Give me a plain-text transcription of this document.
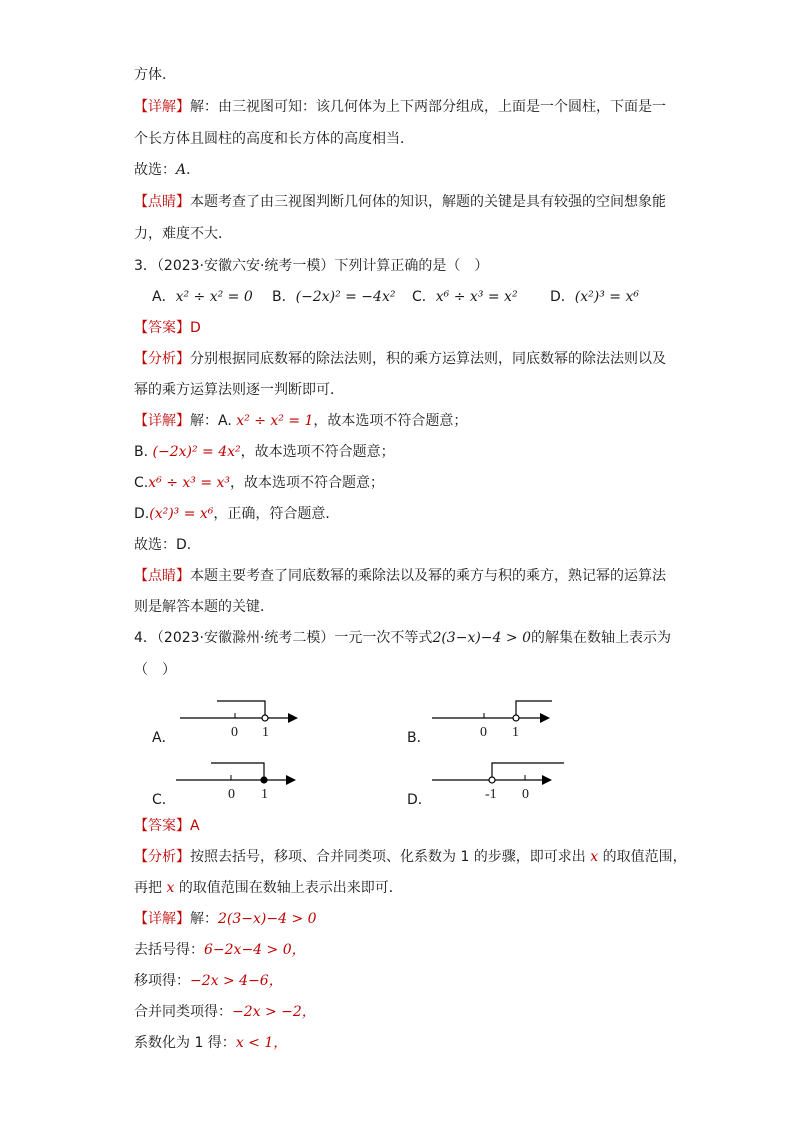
方体．
【详解】解：由三视图可知：该几何体为上下两部分组成，上面是一个圆柱，下面是一
个长方体且圆柱的高度和长方体的高度相当．
故选：A．
【点睛】本题考查了由三视图判断几何体的知识，解题的关键是具有较强的空间想象能
力，难度不大．
3．（2023·安徽六安·统考一模）下列计算正确的是（　）
A．x² ÷ x² = 0 B．(−2x)² = −4x² C．x⁶ ÷ x³ = x² D．(x²)³ = x⁶
【答案】D
【分析】分别根据同底数幂的除法法则，积的乘方运算法则，同底数幂的除法法则以及
幂的乘方运算法则逐一判断即可．
【详解】解：A. x² ÷ x² = 1，故本选项不符合题意；
B. (−2x)² = 4x²，故本选项不符合题意；
C.x⁶ ÷ x³ = x³，故本选项不符合题意；
D.(x²)³ = x⁶，正确，符合题意．
故选：D．
【点睛】本题主要考查了同底数幂的乘除法以及幂的乘方与积的乘方，熟记幂的运算法
则是解答本题的关键．
4．（2023·安徽滁州·统考二模）一元一次不等式2(3−x)−4 > 0的解集在数轴上表示为
（　）
A．	0 1	B．	0 1
C．	0 1	D．	-1 0
【答案】A
【分析】按照去括号，移项、合并同类项、化系数为 1 的步骤，即可求出 x 的取值范围，
再把 x 的取值范围在数轴上表示出来即可．
【详解】解：2(3−x)−4 > 0
去括号得：6−2x−4 > 0，
移项得：−2x > 4−6，
合并同类项得：−2x > −2，
系数化为 1 得：x < 1，
